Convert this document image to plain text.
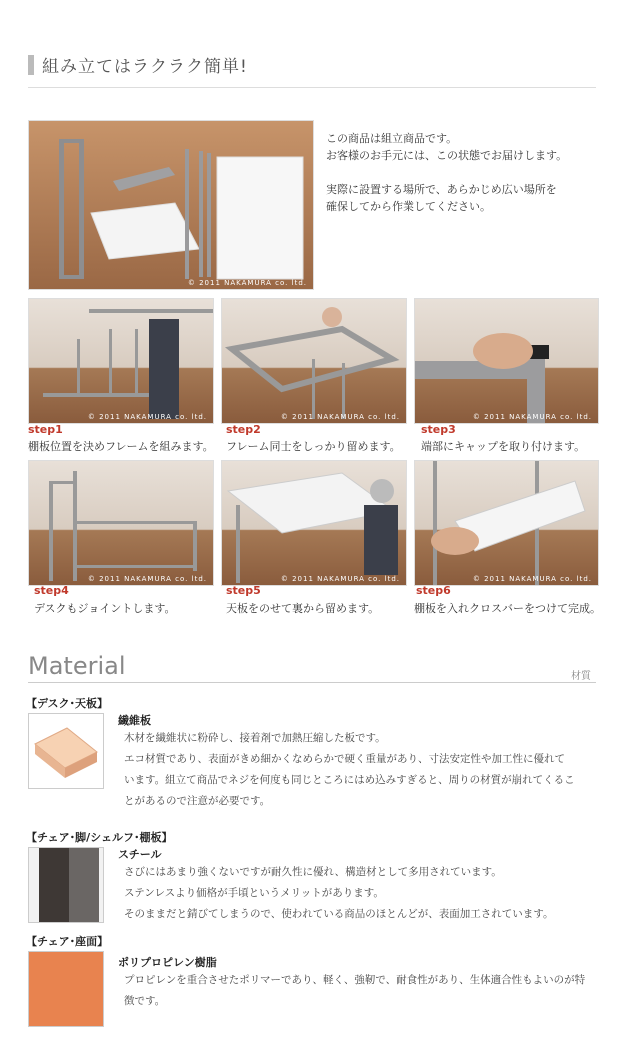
組み立てはラクラク簡単!
© 2011 NAKAMURA co. ltd.
この商品は組立商品です。
お客様のお手元には、この状態でお届けします。
実際に設置する場所で、あらかじめ広い場所を
確保してから作業してください。
© 2011 NAKAMURA co. ltd.	© 2011 NAKAMURA co. ltd.	© 2011 NAKAMURA co. ltd.
step1
棚板位置を決めフレームを組みます。
step2
フレーム同士をしっかり留めます。
step3
端部にキャップを取り付けます。
© 2011 NAKAMURA co. ltd.	© 2011 NAKAMURA co. ltd.	© 2011 NAKAMURA co. ltd.
step4
デスクもジョイントします。
step5
天板をのせて裏から留めます。
step6
棚板を入れクロスバーをつけて完成。
Material	材質
【デスク･天板】
繊維板
木材を繊維状に粉砕し、接着剤で加熱圧縮した板です。
エコ材質であり、表面がきめ細かくなめらかで硬く重量があり、寸法安定性や加工性に優れて
います。組立て商品でネジを何度も同じところにはめ込みすぎると、周りの材質が崩れてくるこ
とがあるので注意が必要です。
【チェア･脚/シェルフ･棚板】
スチール
さびにはあまり強くないですが耐久性に優れ、構造材として多用されています。
ステンレスより価格が手頃というメリットがあります。
そのままだと錆びてしまうので、使われている商品のほとんどが、表面加工されています。
【チェア･座面】
ポリプロピレン樹脂
プロピレンを重合させたポリマーであり、軽く、強靭で、耐食性があり、生体適合性もよいのが特
徴です。
